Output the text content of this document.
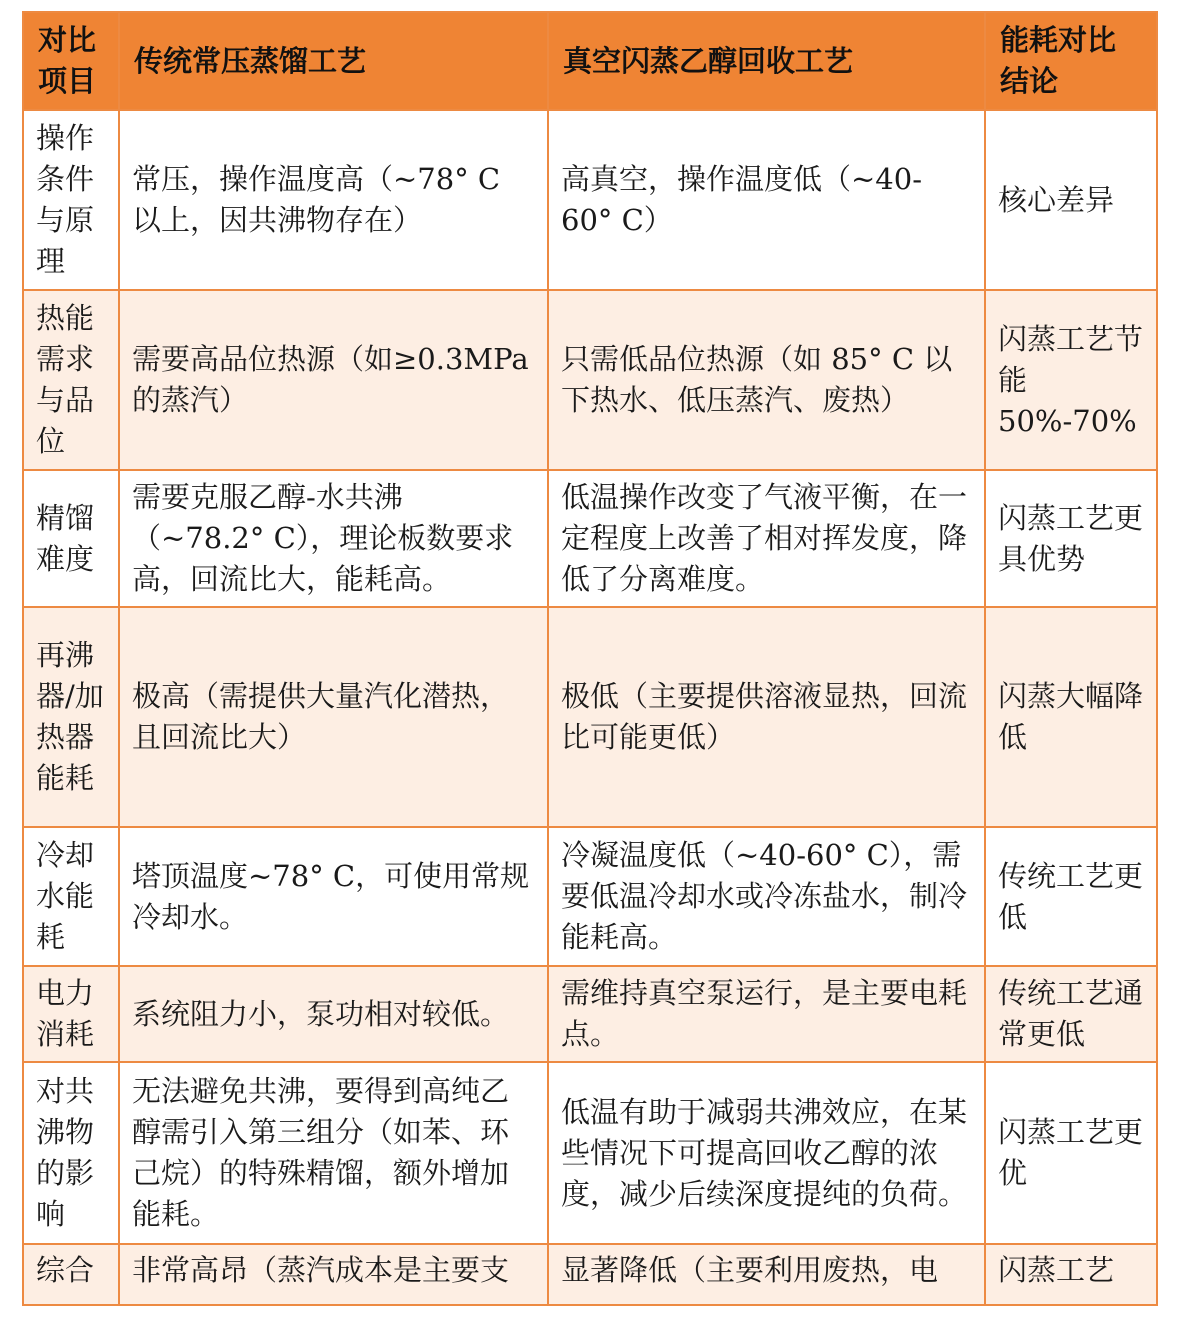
对比项目	传统常压蒸馏工艺	真空闪蒸乙醇回收工艺	能耗对比结论
操作条件与原理	常压，操作温度高（~78° C 以上，因共沸物存在）	高真空，操作温度低（~40-60° C）	核心差异
热能需求与品位	需要高品位热源（如≥0.3MPa 的蒸汽）	只需低品位热源（如 85° C 以下热水、低压蒸汽、废热）	闪蒸工艺节能 50%-70%
精馏难度	需要克服乙醇-水共沸（~78.2° C），理论板数要求高，回流比大，能耗高。	低温操作改变了气液平衡，在一定程度上改善了相对挥发度，降低了分离难度。	闪蒸工艺更具优势
再沸器/加热器能耗	极高（需提供大量汽化潜热，且回流比大）	极低（主要提供溶液显热，回流比可能更低）	闪蒸大幅降低
冷却水能耗	塔顶温度~78° C，可使用常规冷却水。	冷凝温度低（~40-60° C），需要低温冷却水或冷冻盐水，制冷能耗高。	传统工艺更低
电力消耗	系统阻力小，泵功相对较低。	需维持真空泵运行，是主要电耗点。	传统工艺通常更低
对共沸物的影响	无法避免共沸，要得到高纯乙醇需引入第三组分（如苯、环己烷）的特殊精馏，额外增加能耗。	低温有助于减弱共沸效应，在某些情况下可提高回收乙醇的浓度，减少后续深度提纯的负荷。	闪蒸工艺更优
综合	非常高昂（蒸汽成本是主要支	显著降低（主要利用废热，电	闪蒸工艺
